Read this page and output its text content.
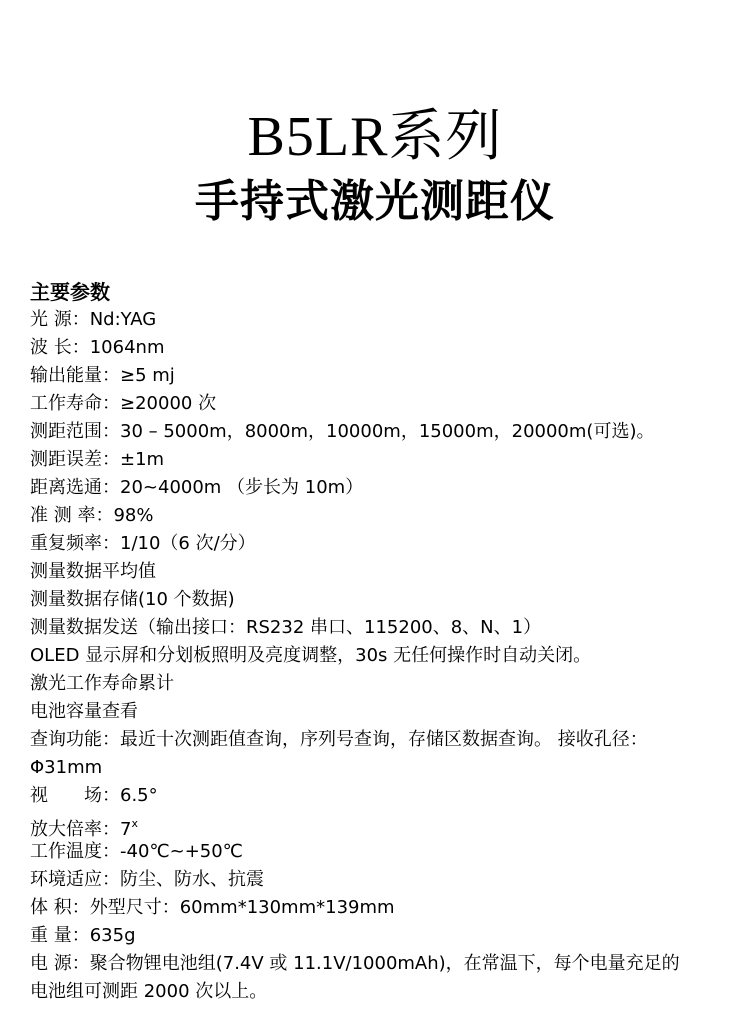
B5LR系列
手持式激光测距仪
主要参数
光 源：Nd:YAG
波 长：1064nm
输出能量：≥5 mj
工作寿命：≥20000 次
测距范围：30 – 5000m，8000m，10000m，15000m，20000m(可选)。
测距误差：±1m
距离选通：20~4000m （步长为 10m）
准 测 率：98%
重复频率：1/10（6 次/分）
测量数据平均值
测量数据存储(10 个数据)
测量数据发送（输出接口：RS232 串口、115200、8、N、1）
OLED 显示屏和分划板照明及亮度调整，30s 无任何操作时自动关闭。
激光工作寿命累计
电池容量查看
查询功能：最近十次测距值查询，序列号查询，存储区数据查询。 接收孔径：Φ31mm
视　　场：6.5°
放大倍率：7$^x$
工作温度：-40℃~+50℃
环境适应：防尘、防水、抗震
体 积：外型尺寸：60mm*130mm*139mm
重 量：635g
电 源：聚合物锂电池组(7.4V 或 11.1V/1000mAh)，在常温下，每个电量充足的电池组可测距 2000 次以上。
